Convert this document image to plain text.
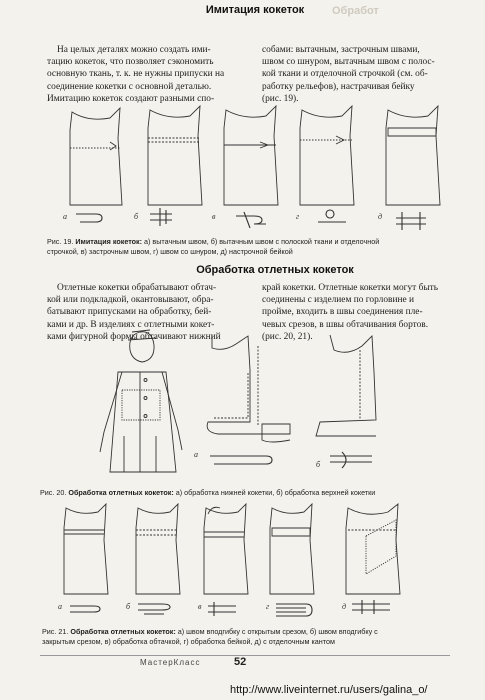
Обработ
Имитация кокеток
На целых деталях можно создать ими-
тацию кокеток, что позволяет сэкономить
основную ткань, т. к. не нужны припуски на
соединение кокетки с основной деталью.
Имитацию кокеток создают разными спо-
собами: вытачным, застрочным швами,
швом со шнуром, вытачным швом с полос-
кой ткани и отделочной строчкой (см. об-
работку рельефов), настрачивая бейку
(рис. 19).
а	б	в	г	д
Рис. 19. Имитация кокеток: а) вытачным швом, б) вытачным швом с полоской ткани и отделочной
строчкой, в) застрочным швом, г) швом со шнуром, д) настрочной бейкой
Обработка отлетных кокеток
Отлетные кокетки обрабатывают обтач-
кой или подкладкой, окантовывают, обра-
батывают припусками на обработку, бей-
ками и др. В изделиях с отлетными кокет-
ками фигурной формы обтачивают нижний
край кокетки. Отлетные кокетки могут быть
соединены с изделием по горловине и
пройме, входить в швы соединения пле-
чевых срезов, в швы обтачивания бортов.
(рис. 20, 21).
а
б
Рис. 20. Обработка отлетных кокеток: а) обработка нижней кокетки, б) обработка верхней кокетки
а	б	в	г	д
Рис. 21. Обработка отлетных кокеток: а) швом вподгибку с открытым срезом, б) швом вподгибку с
закрытым срезом, в) обработка обтачкой, г) обработка бейкой, д) с отделочным кантом
МастерКласс	52
http://www.liveinternet.ru/users/galina_o/
